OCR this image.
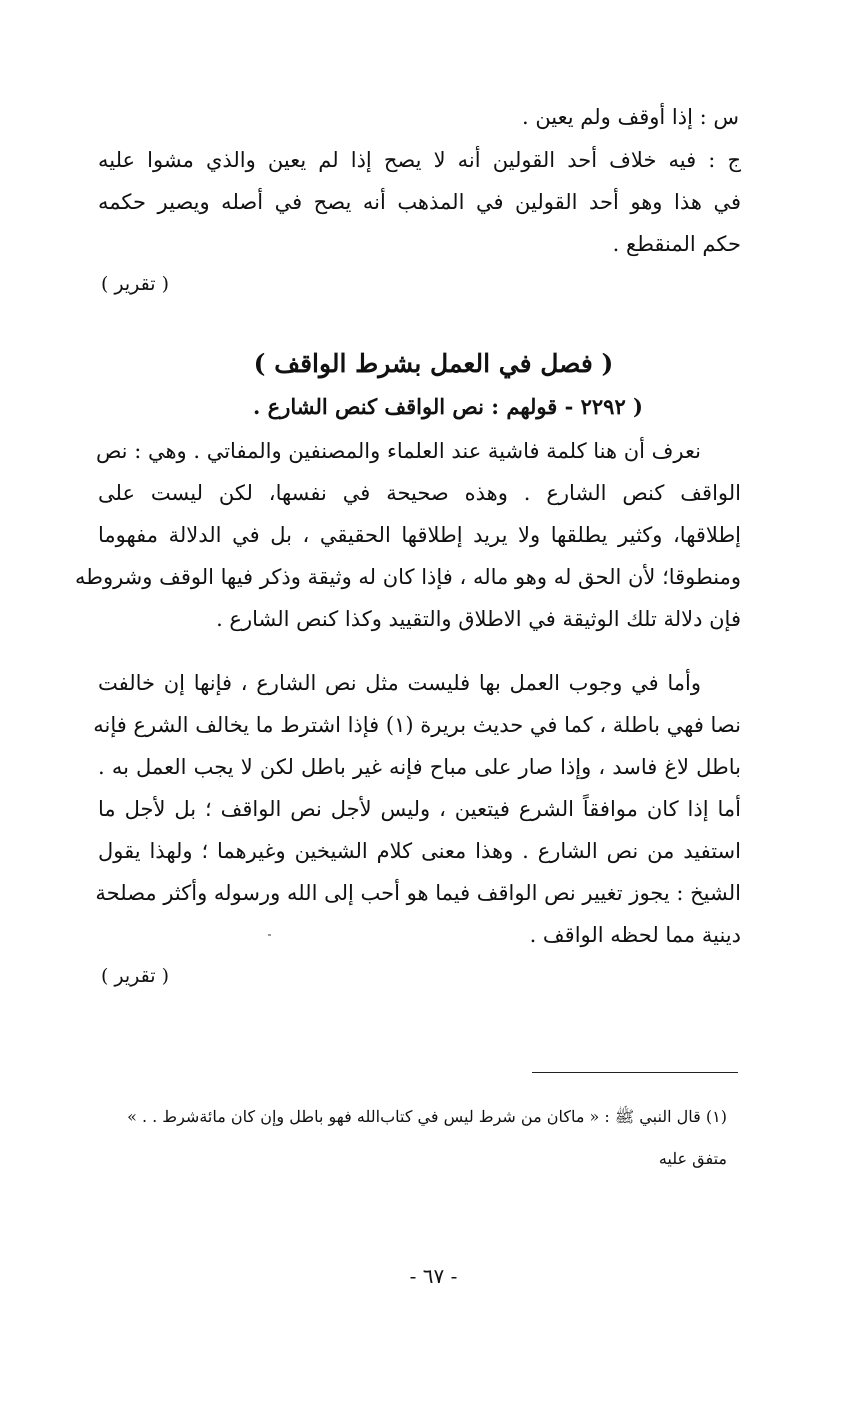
س : إذا أوقف ولم يعين .
ج : فيه خلاف أحد القولين أنه لا يصح إذا لم يعين والذي مشوا عليه
في هذا وهو أحد القولين في المذهب أنه يصح في أصله ويصير حكمه
حكم المنقطع .
( تقرير )
( فصل في العمل بشرط الواقف )
( ٢٢٩٢ - قولهم : نص الواقف كنص الشارع .
نعرف أن هنا كلمة فاشية عند العلماء والمصنفين والمفاتي . وهي : نص
الواقف كنص الشارع . وهذه صحيحة في نفسها، لكن ليست على
إطلاقها، وكثير يطلقها ولا يريد إطلاقها الحقيقي ، بل في الدلالة مفهوما
ومنطوقا؛ لأن الحق له وهو ماله ، فإذا كان له وثيقة وذكر فيها الوقف وشروطه
فإن دلالة تلك الوثيقة في الاطلاق والتقييد وكذا كنص الشارع .
وأما في وجوب العمل بها فليست مثل نص الشارع ، فإنها إن خالفت
نصا فهي باطلة ، كما في حديث بريرة (١) فإذا اشترط ما يخالف الشرع فإنه
باطل لاغ فاسد ، وإذا صار على مباح فإنه غير باطل لكن لا يجب العمل به .
أما إذا كان موافقاً الشرع فيتعين ، وليس لأجل نص الواقف ؛ بل لأجل ما
استفيد من نص الشارع . وهذا معنى كلام الشيخين وغيرهما ؛ ولهذا يقول
الشيخ : يجوز تغيير نص الواقف فيما هو أحب إلى الله ورسوله وأكثر مصلحة
دينية مما لحظه الواقف .
( تقرير )
(١) قال النبي ﷺ : « ماكان من شرط ليس في كتاب‌الله فهو باطل وإن كان مائة‌شرط . . »
متفق عليه
- ٦٧ -
